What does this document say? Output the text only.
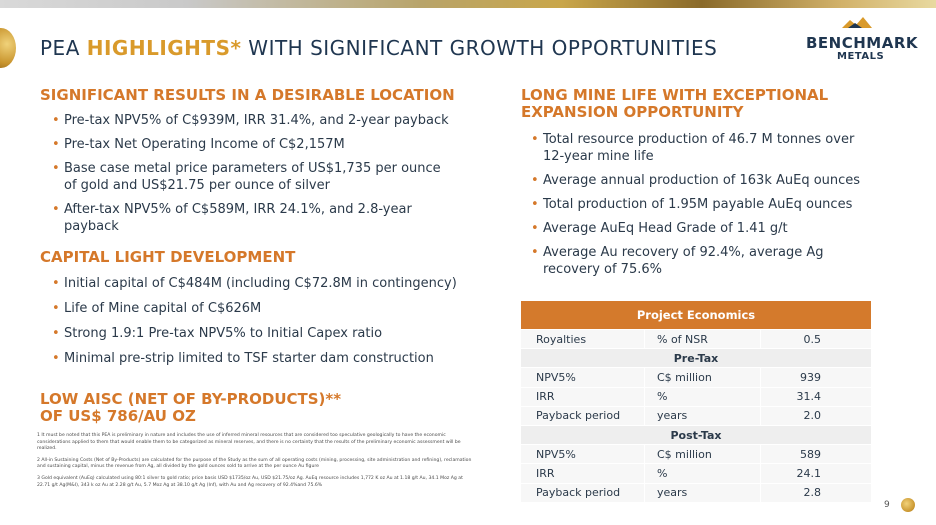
PEA HIGHLIGHTS* WITH SIGNIFICANT GROWTH OPPORTUNITIES	BENCHMARK
METALS
SIGNIFICANT RESULTS IN A DESIRABLE LOCATION
• Pre-tax NPV5% of C$939M, IRR 31.4%, and 2-year payback
• Pre-tax Net Operating Income of C$2,157M
• Base case metal price parameters of US$1,735 per ounce of gold and US$21.75 per ounce of silver
• After-tax NPV5% of C$589M, IRR 24.1%, and 2.8-year payback
CAPITAL LIGHT DEVELOPMENT
• Initial capital of C$484M (including C$72.8M in contingency)
• Life of Mine capital of C$626M
• Strong 1.9:1 Pre-tax NPV5% to Initial Capex ratio
• Minimal pre-strip limited to TSF starter dam construction
LOW AISC (NET OF BY-PRODUCTS)**
OF US$ 786/AU OZ

1 It must be noted that this PEA is preliminary in nature and includes the use of inferred mineral resources that are considered too speculative geologically to have the economic considerations applied to them that would enable them to be categorized as mineral reserves, and there is no certainty that the results of the preliminary economic assessment will be realized.

2 All-in Sustaining Costs (Net of By-Products) are calculated for the purpose of the Study as the sum of all operating costs (mining, processing, site administration and refining), reclamation and sustaining capital, minus the revenue from Ag, all divided by the gold ounces sold to arrive at the per ounce Au figure

3 Gold equivalent (AuEq) calculated using 80:1 silver to gold ratio; price basis USD $1735/oz Au, USD $21.75/oz Ag. AuEq resource includes 1,772 K oz Au at 1.18 g/t Au, 34.1 Moz Ag at 22.71 g/t Ag(M&I), 343 k oz Au at 2.28 g/t Au, 5.7 Moz Ag at 38.10 g/t Ag (Inf), with Au and Ag recovery of 92.4%and 75.6%

LONG MINE LIFE WITH EXCEPTIONAL
EXPANSION OPPORTUNITY
• Total resource production of 46.7 M tonnes over 12-year mine life
• Average annual production of 163k AuEq ounces
• Total production of 1.95M payable AuEq ounces
• Average AuEq Head Grade of 1.41 g/t
• Average Au recovery of 92.4%, average Ag recovery of 75.6%
Project Economics		
Royalties	% of NSR	0.5
Pre-Tax		
NPV5%	C$ million	939
IRR	%	31.4
Payback period	years	2.0
Post-Tax		
NPV5%	C$ million	589
IRR	%	24.1
Payback period	years	2.8
9
